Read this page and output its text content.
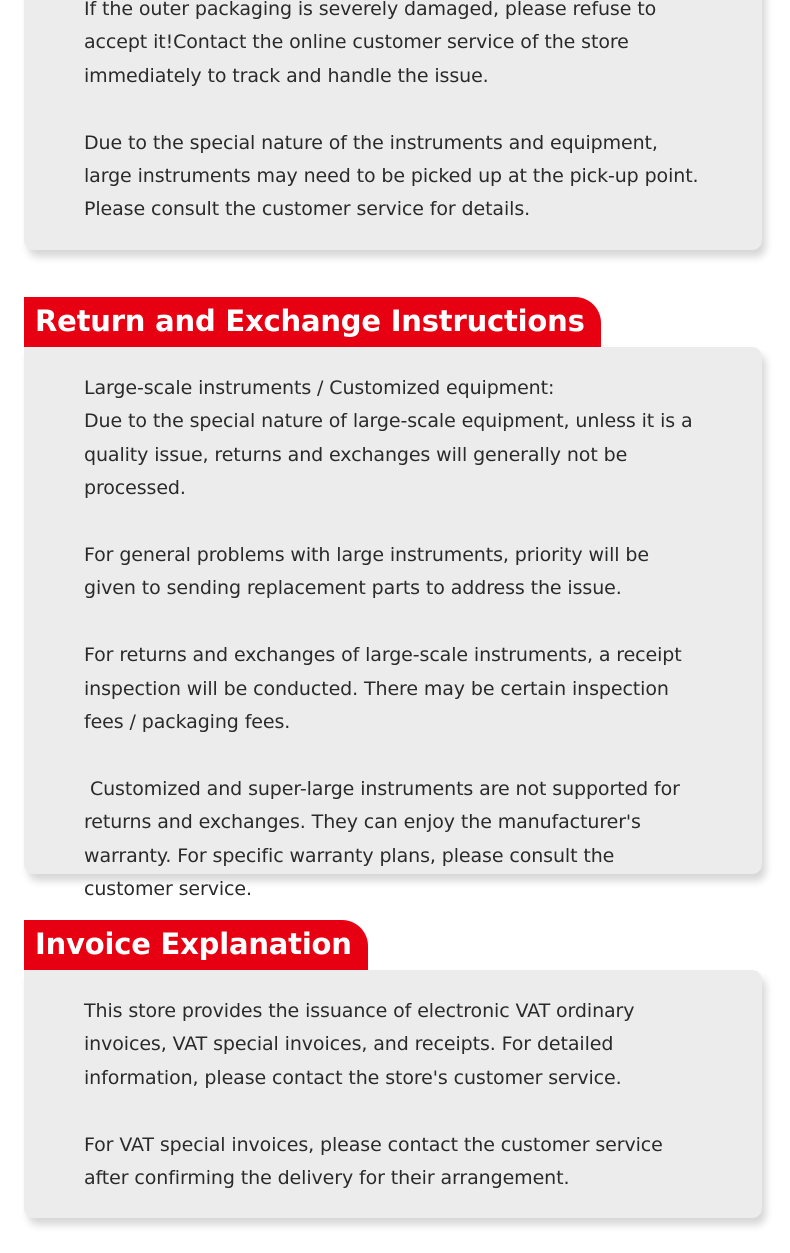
If the outer packaging is severely damaged, please refuse to accept it!Contact the online customer service of the store immediately to track and handle the issue.

Due to the special nature of the instruments and equipment, large instruments may need to be picked up at the pick-up point. Please consult the customer service for details.

Return and Exchange Instructions

Large-scale instruments / Customized equipment:
Due to the special nature of large-scale equipment, unless it is a quality issue, returns and exchanges will generally not be processed.

For general problems with large instruments, priority will be given to sending replacement parts to address the issue.

For returns and exchanges of large-scale instruments, a receipt inspection will be conducted. There may be certain inspection fees / packaging fees.

Customized and super-large instruments are not supported for returns and exchanges. They can enjoy the manufacturer's warranty. For specific warranty plans, please consult the customer service.

Invoice Explanation

This store provides the issuance of electronic VAT ordinary invoices, VAT special invoices, and receipts. For detailed information, please contact the store's customer service.

For VAT special invoices, please contact the customer service after confirming the delivery for their arrangement.
